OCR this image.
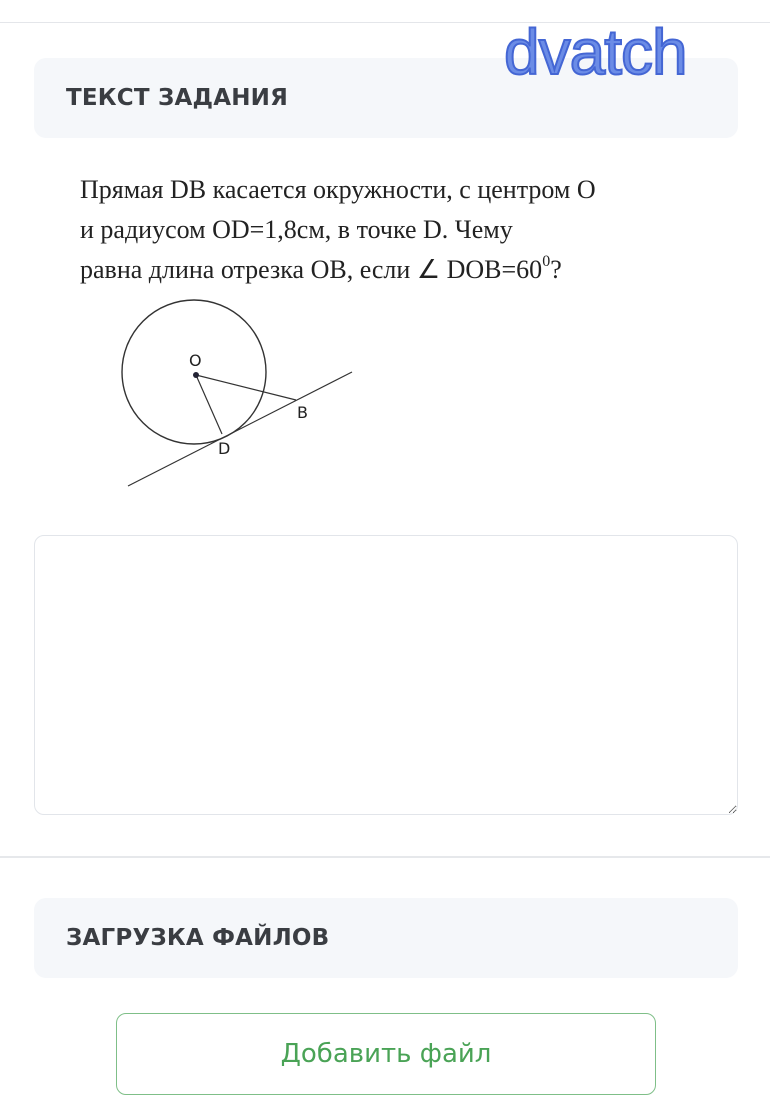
ТЕКСТ ЗАДАНИЯ
dvatch
Прямая DB касается окружности, с центром О
и радиусом OD=1,8см, в точке D. Чему
равна длина отрезка OB, если ∠ $DOB=60^0$?
O
D
B
ЗАГРУЗКА ФАЙЛОВ
Добавить файл
